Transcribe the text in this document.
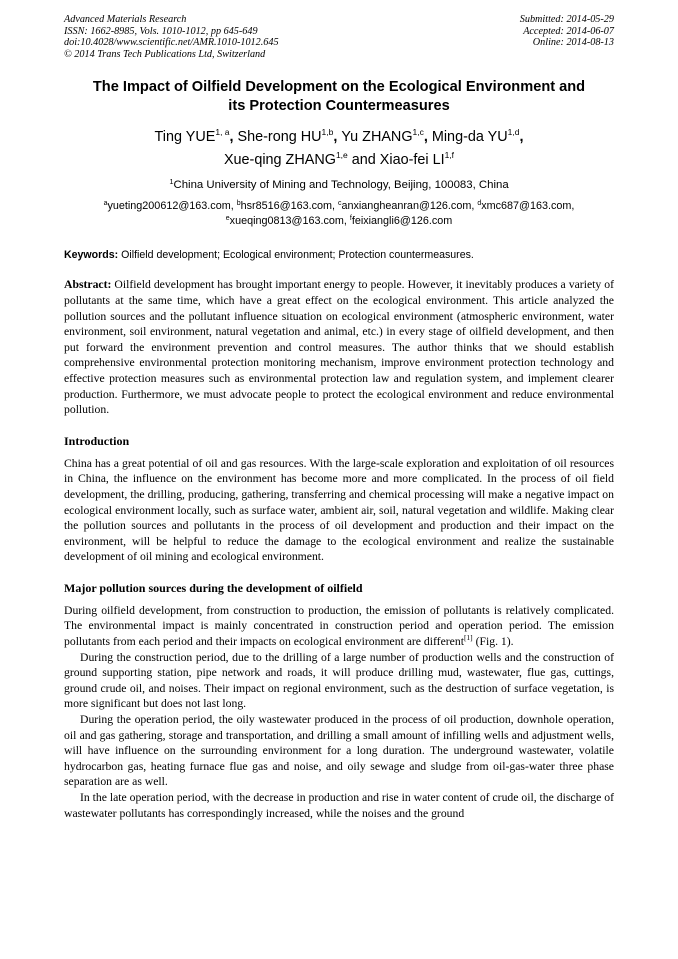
Advanced Materials Research
ISSN: 1662-8985, Vols. 1010-1012, pp 645-649
doi:10.4028/www.scientific.net/AMR.1010-1012.645
© 2014 Trans Tech Publications Ltd, Switzerland
Submitted: 2014-05-29
Accepted: 2014-06-07
Online: 2014-08-13
The Impact of Oilfield Development on the Ecological Environment and
its Protection Countermeasures
Ting YUE$^{1, a}$, She-rong HU$^{1,b}$, Yu ZHANG$^{1,c}$, Ming-da YU$^{1,d}$,
Xue-qing ZHANG$^{1,e}$ and Xiao-fei LI$^{1,f}$
$^1$China University of Mining and Technology, Beijing, 100083, China
$^a$yueting200612@163.com, $^b$hsr8516@163.com, $^c$anxiangheanran@126.com, $^d$xmc687@163.com,
$^e$xueqing0813@163.com, $^f$feixiangli6@126.com
Keywords: Oilfield development; Ecological environment; Protection countermeasures.

Abstract: Oilfield development has brought important energy to people. However, it inevitably produces a variety of pollutants at the same time, which have a great effect on the ecological environment. This article analyzed the pollution sources and the pollutant influence situation on ecological environment (atmospheric environment, water environment, soil environment, natural vegetation and animal, etc.) in every stage of oilfield development, and then put forward the environment prevention and control measures. The author thinks that we should establish comprehensive environmental protection monitoring mechanism, improve environment protection technology and effective protection measures such as environmental protection law and regulation system, and implement clearer production. Furthermore, we must advocate people to protect the ecological environment and reduce environmental pollution.

Introduction

China has a great potential of oil and gas resources. With the large-scale exploration and exploitation of oil resources in China, the influence on the environment has become more and more complicated. In the process of oil field development, the drilling, producing, gathering, transferring and chemical processing will make a negative impact on ecological environment locally, such as surface water, ambient air, soil, natural vegetation and wildlife. Making clear the pollution sources and pollutants in the process of oil development and production and their impact on the environment, will be helpful to reduce the damage to the ecological environment and realize the sustainable development of oil mining and ecological environment.

Major pollution sources during the development of oilfield

During oilfield development, from construction to production, the emission of pollutants is relatively complicated. The environmental impact is mainly concentrated in construction period and operation period. The emission pollutants from each period and their impacts on ecological environment are different[1] (Fig. 1).

During the construction period, due to the drilling of a large number of production wells and the construction of ground supporting station, pipe network and roads, it will produce drilling mud, wastewater, flue gas, cuttings, ground crude oil, and noises. Their impact on regional environment, such as the destruction of surface vegetation, is more significant but does not last long.

During the operation period, the oily wastewater produced in the process of oil production, downhole operation, oil and gas gathering, storage and transportation, and drilling a small amount of infilling wells and adjustment wells, will have influence on the surrounding environment for a long duration. The underground wastewater, volatile hydrocarbon gas, heating furnace flue gas and noise, and oily sewage and sludge from oil-gas-water three phase separation are as well.

In the late operation period, with the decrease in production and rise in water content of crude oil, the discharge of wastewater pollutants has correspondingly increased, while the noises and the ground
